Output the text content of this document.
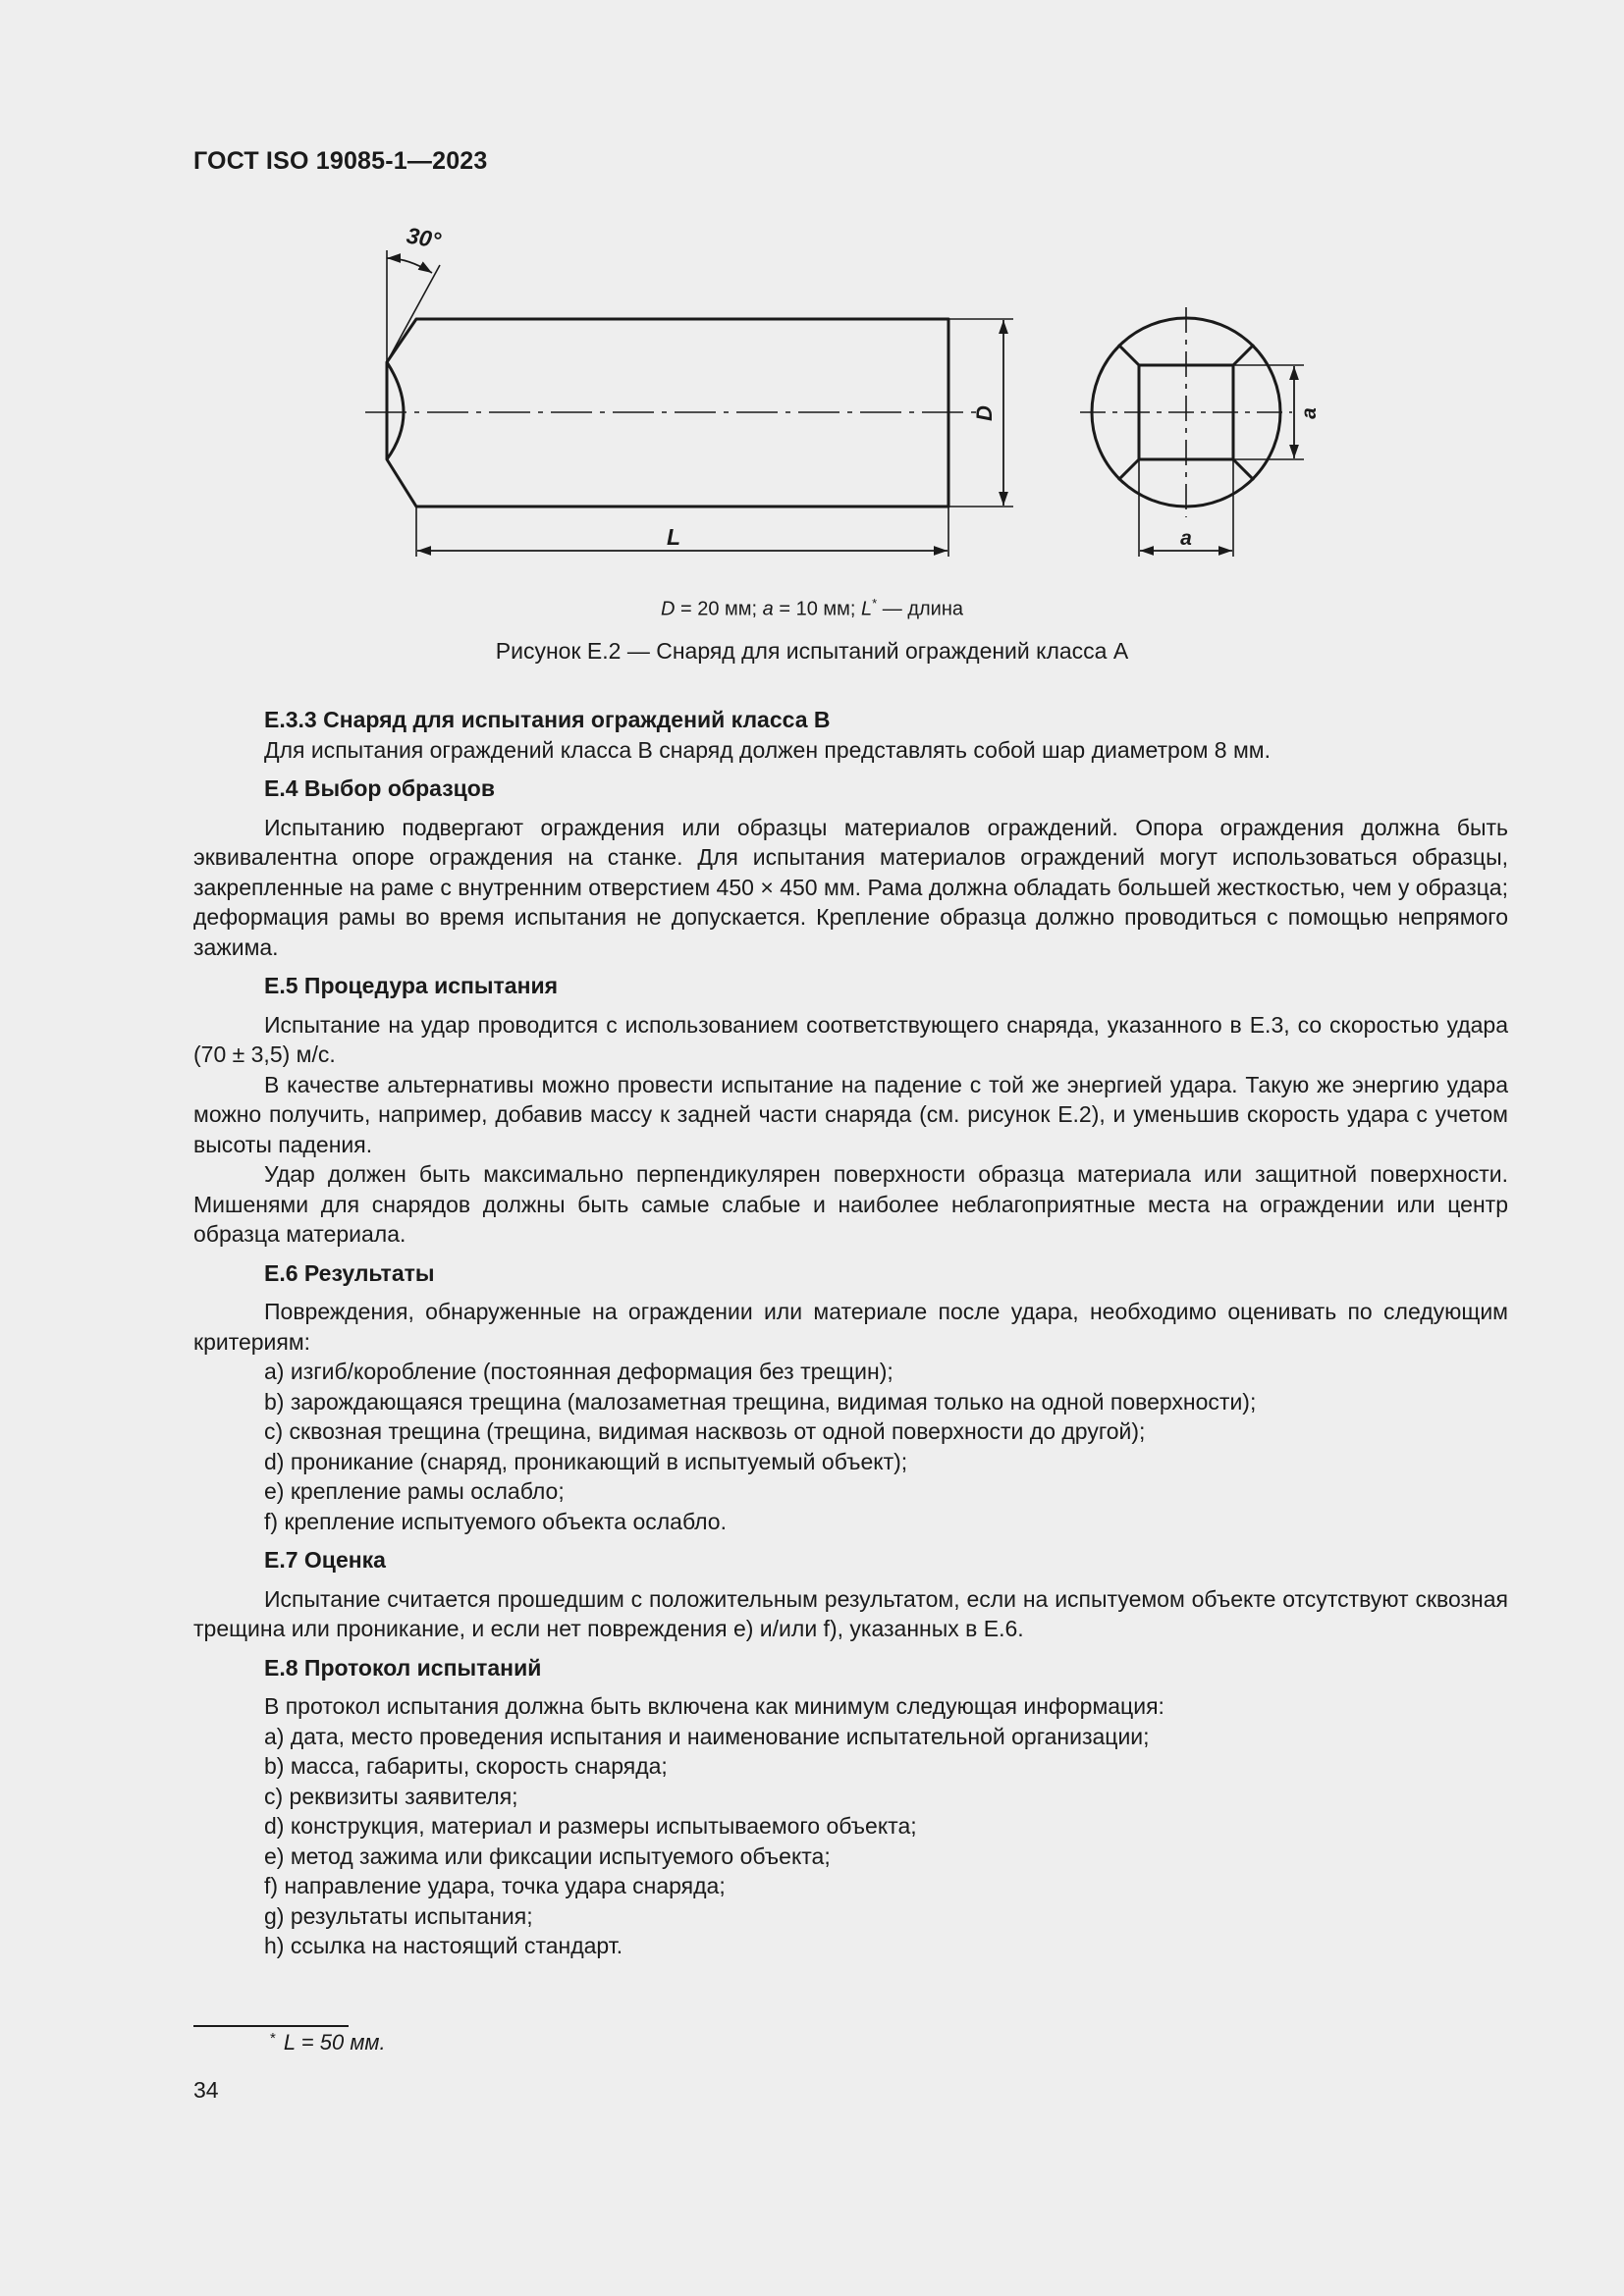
ГОСТ ISO 19085-1—2023
30°
D
L
a
a
D = 20 мм; a = 10 мм; L* — длина
Рисунок Е.2 — Снаряд для испытаний ограждений класса А

Е.3.3 Снаряд для испытания ограждений класса В

Для испытания ограждений класса В снаряд должен представлять собой шар диаметром 8 мм.

Е.4 Выбор образцов

Испытанию подвергают ограждения или образцы материалов ограждений. Опора ограждения должна быть эквивалентна опоре ограждения на станке. Для испытания материалов ограждений могут использоваться образцы, закрепленные на раме с внутренним отверстием 450 × 450 мм. Рама должна обладать большей жесткостью, чем у образца; деформация рамы во время испытания не допускается. Крепление образца должно проводиться с помощью непрямого зажима.

Е.5 Процедура испытания

Испытание на удар проводится с использованием соответствующего снаряда, указанного в Е.3, со скоростью удара (70 ± 3,5) м/с.

В качестве альтернативы можно провести испытание на падение с той же энергией удара. Такую же энергию удара можно получить, например, добавив массу к задней части снаряда (см. рисунок Е.2), и уменьшив скорость удара с учетом высоты падения.

Удар должен быть максимально перпендикулярен поверхности образца материала или защитной поверхности. Мишенями для снарядов должны быть самые слабые и наиболее неблагоприятные места на ограждении или центр образца материала.

Е.6 Результаты

Повреждения, обнаруженные на ограждении или материале после удара, необходимо оценивать по следующим критериям:

a) изгиб/коробление (постоянная деформация без трещин);

b) зарождающаяся трещина (малозаметная трещина, видимая только на одной поверхности);

c) сквозная трещина (трещина, видимая насквозь от одной поверхности до другой);

d) проникание (снаряд, проникающий в испытуемый объект);

e) крепление рамы ослабло;

f) крепление испытуемого объекта ослабло.

Е.7 Оценка

Испытание считается прошедшим с положительным результатом, если на испытуемом объекте отсутствуют сквозная трещина или проникание, и если нет повреждения e) и/или f), указанных в Е.6.

Е.8 Протокол испытаний

В протокол испытания должна быть включена как минимум следующая информация:

a) дата, место проведения испытания и наименование испытательной организации;

b) масса, габариты, скорость снаряда;

c) реквизиты заявителя;

d) конструкция, материал и размеры испытываемого объекта;

e) метод зажима или фиксации испытуемого объекта;

f) направление удара, точка удара снаряда;

g) результаты испытания;

h) ссылка на настоящий стандарт.

* L = 50 мм.
34
